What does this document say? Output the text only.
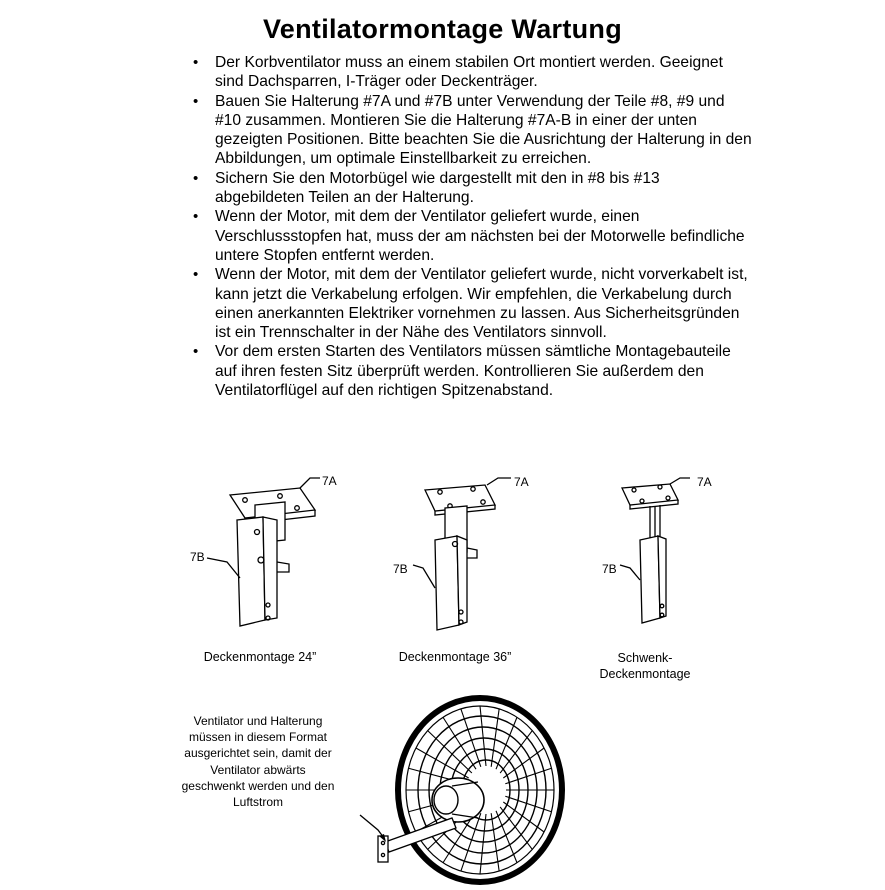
Ventilatormontage Wartung
• Der Korbventilator muss an einem stabilen Ort montiert werden. Geeignet sind Dachsparren, I-Träger oder Deckenträger.
• Bauen Sie Halterung #7A und #7B unter Verwendung der Teile #8, #9 und #10 zusammen. Montieren Sie die Halterung #7A-B in einer der unten gezeigten Positionen. Bitte beachten Sie die Ausrichtung der Halterung in den Abbildungen, um optimale Einstellbarkeit zu erreichen.
• Sichern Sie den Motorbügel wie dargestellt mit den in #8 bis #13 abgebildeten Teilen an der Halterung.
• Wenn der Motor, mit dem der Ventilator geliefert wurde, einen Verschlussstopfen hat, muss der am nächsten bei der Motorwelle befindliche untere Stopfen entfernt werden.
• Wenn der Motor, mit dem der Ventilator geliefert wurde, nicht vorverkabelt ist, kann jetzt die Verkabelung erfolgen. Wir empfehlen, die Verkabelung durch einen anerkannten Elektriker vornehmen zu lassen. Aus Sicherheitsgründen ist ein Trennschalter in der Nähe des Ventilators sinnvoll.
• Vor dem ersten Starten des Ventilators müssen sämtliche Montagebauteile auf ihren festen Sitz überprüft werden. Kontrollieren Sie außerdem den Ventilatorflügel auf den richtigen Spitzenabstand.
7A
7B
Deckenmontage 24”
7A
7B
Deckenmontage 36”
7A
7B
Schwenk-
Deckenmontage
Ventilator und Halterung müssen in diesem Format ausgerichtet sein, damit der Ventilator abwärts geschwenkt werden und den Luftstrom
